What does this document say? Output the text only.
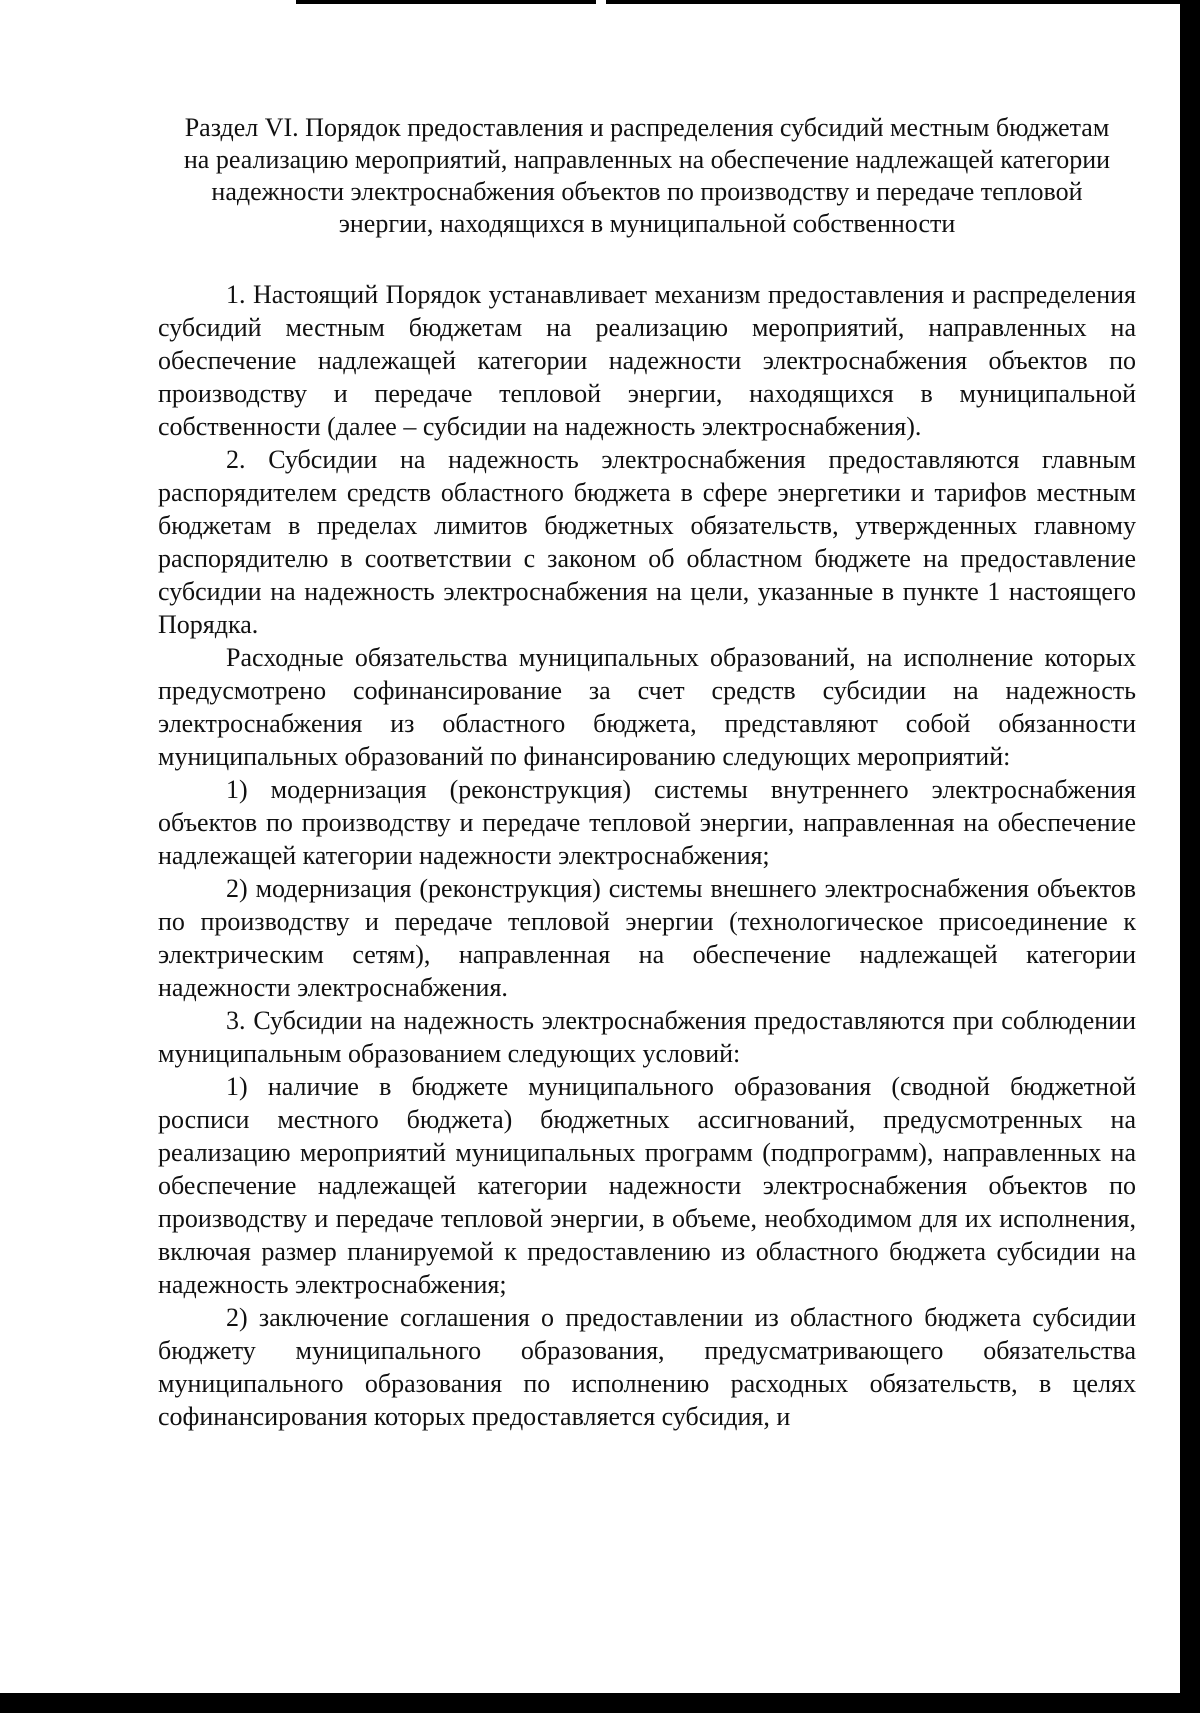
Раздел VI. Порядок предоставления и распределения субсидий местным бюджетам на реализацию мероприятий, направленных на обеспечение надлежащей категории надежности электроснабжения объектов по производству и передаче тепловой энергии, находящихся в муниципальной собственности

1. Настоящий Порядок устанавливает механизм предоставления и распределения субсидий местным бюджетам на реализацию мероприятий, направленных на обеспечение надлежащей категории надежности электроснабжения объектов по производству и передаче тепловой энергии, находящихся в муниципальной собственности (далее – субсидии на надежность электроснабжения).

2. Субсидии на надежность электроснабжения предоставляются главным распорядителем средств областного бюджета в сфере энергетики и тарифов местным бюджетам в пределах лимитов бюджетных обязательств, утвержденных главному распорядителю в соответствии с законом об областном бюджете на предоставление субсидии на надежность электроснабжения на цели, указанные в пункте 1 настоящего Порядка.

Расходные обязательства муниципальных образований, на исполнение которых предусмотрено софинансирование за счет средств субсидии на надежность электроснабжения из областного бюджета, представляют собой обязанности муниципальных образований по финансированию следующих мероприятий:

1) модернизация (реконструкция) системы внутреннего электроснабжения объектов по производству и передаче тепловой энергии, направленная на обеспечение надлежащей категории надежности электроснабжения;

2) модернизация (реконструкция) системы внешнего электроснабжения объектов по производству и передаче тепловой энергии (технологическое присоединение к электрическим сетям), направленная на обеспечение надлежащей категории надежности электроснабжения.

3. Субсидии на надежность электроснабжения предоставляются при соблюдении муниципальным образованием следующих условий:

1) наличие в бюджете муниципального образования (сводной бюджетной росписи местного бюджета) бюджетных ассигнований, предусмотренных на реализацию мероприятий муниципальных программ (подпрограмм), направленных на обеспечение надлежащей категории надежности электроснабжения объектов по производству и передаче тепловой энергии, в объеме, необходимом для их исполнения, включая размер планируемой к предоставлению из областного бюджета субсидии на надежность электроснабжения;

2) заключение соглашения о предоставлении из областного бюджета субсидии бюджету муниципального образования, предусматривающего обязательства муниципального образования по исполнению расходных обязательств, в целях софинансирования которых предоставляется субсидия, и
